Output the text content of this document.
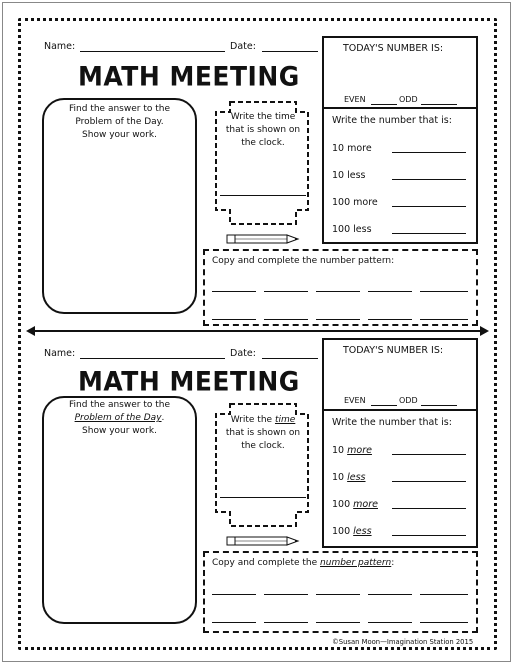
Name:	Date:
MATH MEETING
TODAY'S NUMBER IS:
EVEN	ODD
Write the number that is:
10 more
10 less
100 more
100 less
Find the answer to the
Problem of the Day.
Show your work.
Write the time
that is shown on
the clock.
Copy and complete the number pattern:
Name:	Date:
MATH MEETING
TODAY'S NUMBER IS:
EVEN	ODD
Write the number that is:
10 more
10 less
100 more
100 less
Find the answer to the
Problem of the Day.
Show your work.
Write the time
that is shown on
the clock.
Copy and complete the number pattern:
©Susan Moon—Imagination Station 2015
